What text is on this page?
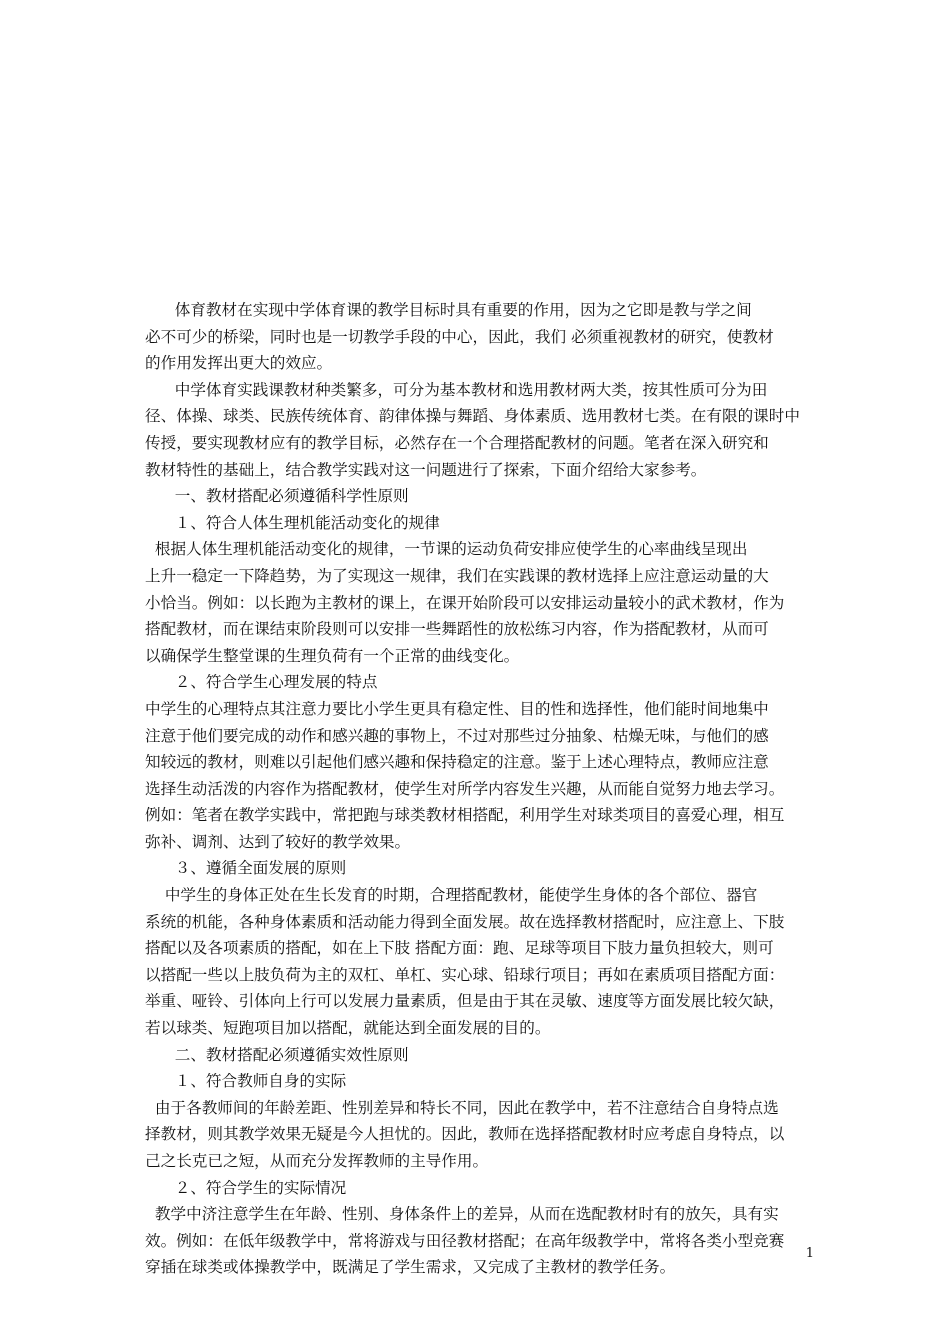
体育教材在实现中学体育课的教学目标时具有重要的作用，因为之它即是教与学之间
必不可少的桥梁，同时也是一切教学手段的中心，因此，我们 必须重视教材的研究，使教材
的作用发挥出更大的效应。
中学体育实践课教材种类繁多，可分为基本教材和选用教材两大类，按其性质可分为田
径、体操、球类、民族传统体育、韵律体操与舞蹈、身体素质、选用教材七类。在有限的课时中
传授，要实现教材应有的教学目标，必然存在一个合理搭配教材的问题。笔者在深入研究和
教材特性的基础上，结合教学实践对这一问题进行了探索，下面介绍给大家参考。
一、教材搭配必须遵循科学性原则
１、符合人体生理机能活动变化的规律
根据人体生理机能活动变化的规律，一节课的运动负荷安排应使学生的心率曲线呈现出
上升一稳定一下降趋势，为了实现这一规律，我们在实践课的教材选择上应注意运动量的大
小恰当。例如：以长跑为主教材的课上，在课开始阶段可以安排运动量较小的武术教材，作为
搭配教材，而在课结束阶段则可以安排一些舞蹈性的放松练习内容，作为搭配教材，从而可
以确保学生整堂课的生理负荷有一个正常的曲线变化。
２、符合学生心理发展的特点
中学生的心理特点其注意力要比小学生更具有稳定性、目的性和选择性，他们能时间地集中
注意于他们要完成的动作和感兴趣的事物上，不过对那些过分抽象、枯燥无味，与他们的感
知较远的教材，则难以引起他们感兴趣和保持稳定的注意。鉴于上述心理特点，教师应注意
选择生动活泼的内容作为搭配教材，使学生对所学内容发生兴趣，从而能自觉努力地去学习。
例如：笔者在教学实践中，常把跑与球类教材相搭配，利用学生对球类项目的喜爱心理，相互
弥补、调剂、达到了较好的教学效果。
３、遵循全面发展的原则
中学生的身体正处在生长发育的时期，合理搭配教材，能使学生身体的各个部位、器官
系统的机能，各种身体素质和活动能力得到全面发展。故在选择教材搭配时，应注意上、下肢
搭配以及各项素质的搭配，如在上下肢 搭配方面：跑、足球等项目下肢力量负担较大，则可
以搭配一些以上肢负荷为主的双杠、单杠、实心球、铅球行项目；再如在素质项目搭配方面：
举重、哑铃、引体向上行可以发展力量素质，但是由于其在灵敏、速度等方面发展比较欠缺，
若以球类、短跑项目加以搭配，就能达到全面发展的目的。
二、教材搭配必须遵循实效性原则
１、符合教师自身的实际
由于各教师间的年龄差距、性别差异和特长不同，因此在教学中，若不注意结合自身特点选
择教材，则其教学效果无疑是今人担忧的。因此，教师在选择搭配教材时应考虑自身特点，以
己之长克已之短，从而充分发挥教师的主导作用。
２、符合学生的实际情况
教学中济注意学生在年龄、性别、身体条件上的差异，从而在选配教材时有的放矢，具有实
效。例如：在低年级教学中，常将游戏与田径教材搭配；在高年级教学中，常将各类小型竞赛
穿插在球类或体操教学中，既满足了学生需求，又完成了主教材的教学任务。
1
